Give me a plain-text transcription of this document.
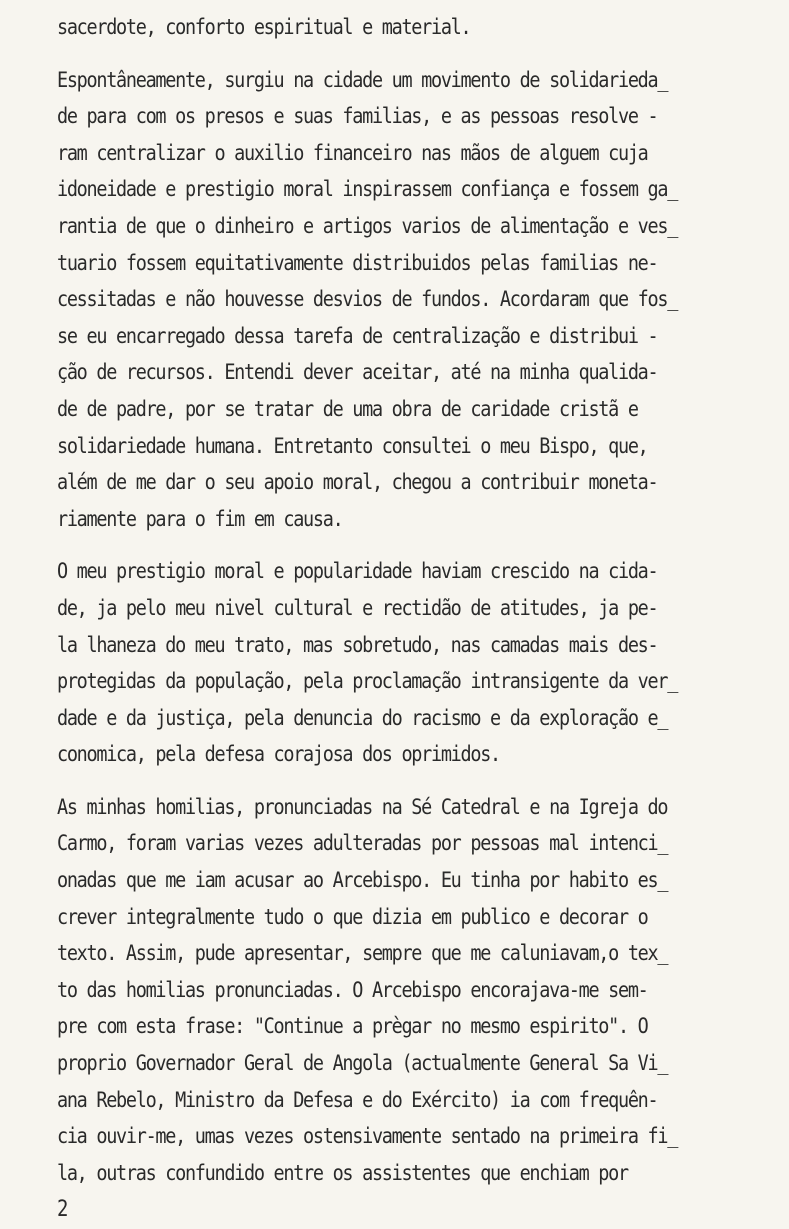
sacerdote, conforto espiritual e material.
Espontâneamente, surgiu na cidade um movimento de solidarieda_
de para com os presos e suas familias, e as pessoas resolve -
ram centralizar o auxilio financeiro nas mãos de alguem cuja
idoneidade e prestigio moral inspirassem confiança e fossem ga_
rantia de que o dinheiro e artigos varios de alimentação e ves_
tuario fossem equitativamente distribuidos pelas familias ne-
cessitadas e não houvesse desvios de fundos. Acordaram que fos_
se eu encarregado dessa tarefa de centralização e distribui -
ção de recursos. Entendi dever aceitar, até na minha qualida-
de de padre, por se tratar de uma obra de caridade cristã e
solidariedade humana. Entretanto consultei o meu Bispo, que,
além de me dar o seu apoio moral, chegou a contribuir moneta-
riamente para o fim em causa.
O meu prestigio moral e popularidade haviam crescido na cida-
de, ja pelo meu nivel cultural e rectidão de atitudes, ja pe-
la lhaneza do meu trato, mas sobretudo, nas camadas mais des-
protegidas da população, pela proclamação intransigente da ver_
dade e da justiça, pela denuncia do racismo e da exploração e_
conomica, pela defesa corajosa dos oprimidos.
As minhas homilias, pronunciadas na Sé Catedral e na Igreja do
Carmo, foram varias vezes adulteradas por pessoas mal intenci_
onadas que me iam acusar ao Arcebispo. Eu tinha por habito es_
crever integralmente tudo o que dizia em publico e decorar o
texto. Assim, pude apresentar, sempre que me caluniavam,o tex_
to das homilias pronunciadas. O Arcebispo encorajava-me sem-
pre com esta frase: "Continue a prègar no mesmo espirito". O
proprio Governador Geral de Angola (actualmente General Sa Vi_
ana Rebelo, Ministro da Defesa e do Exército) ia com frequên-
cia ouvir-me, umas vezes ostensivamente sentado na primeira fi_
la, outras confundido entre os assistentes que enchiam por
2
